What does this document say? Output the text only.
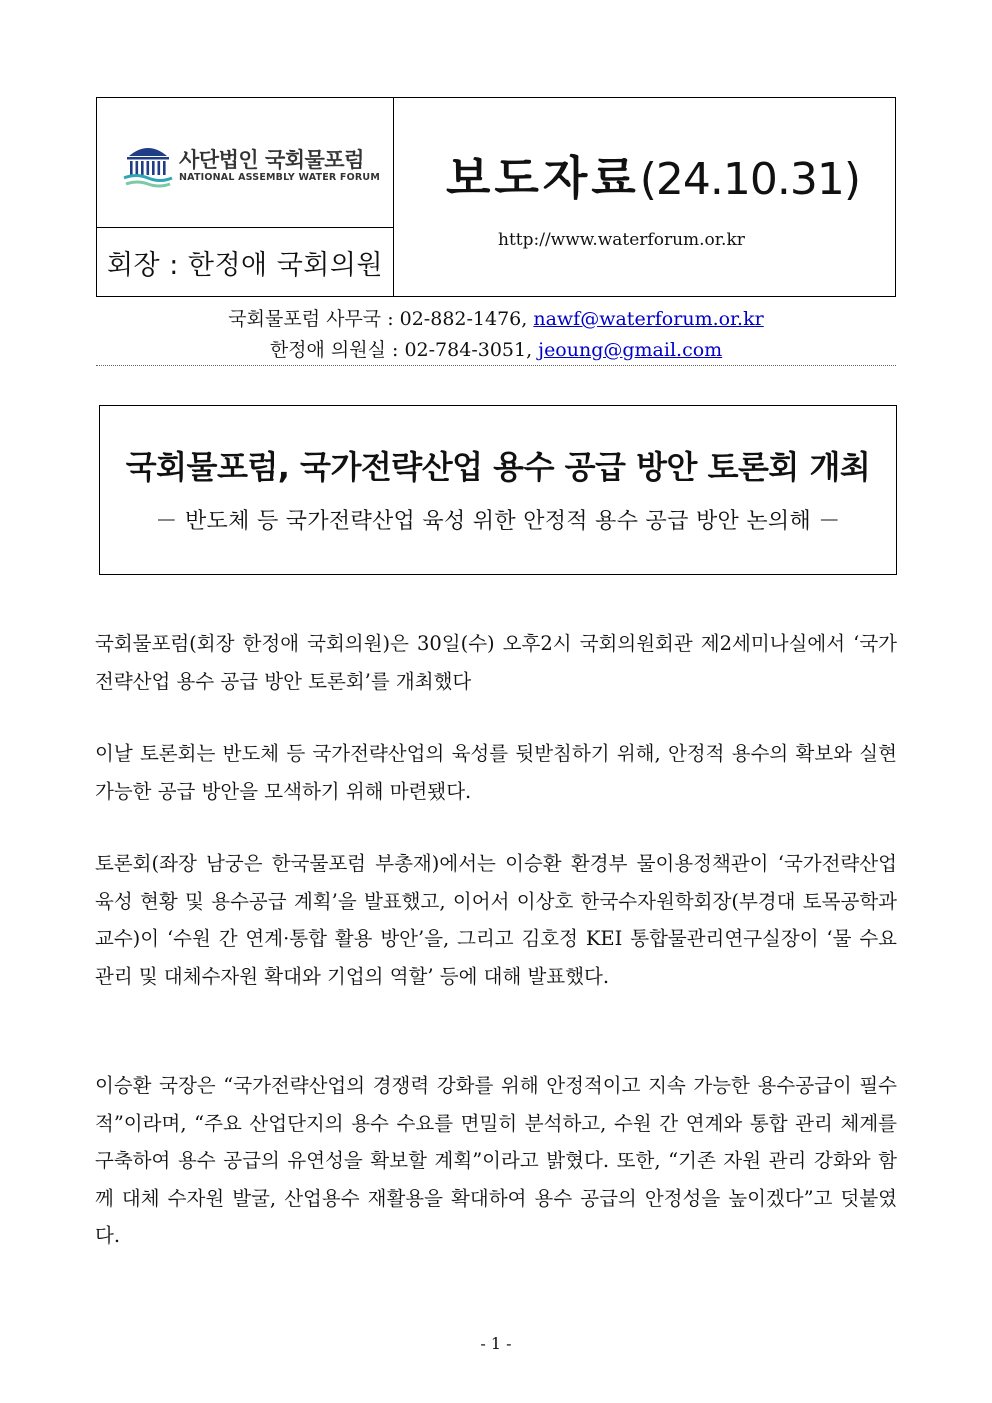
사단법인 국회물포럼
NATIONAL ASSEMBLY WATER FORUM
회장 : 한정애 국회의원
보도자료(24.10.31)
http://www.waterforum.or.kr
국회물포럼 사무국 : 02-882-1476, nawf@waterforum.or.kr
한정애 의원실 : 02-784-3051, jeoung@gmail.com
국회물포럼, 국가전략산업 용수 공급 방안 토론회 개최
－ 반도체 등 국가전략산업 육성 위한 안정적 용수 공급 방안 논의해 －
국회물포럼(회장 한정애 국회의원)은 30일(수) 오후2시 국회의원회관 제2세미나실에서 ‘국가전략산업 용수 공급 방안 토론회’를 개최했다
이날 토론회는 반도체 등 국가전략산업의 육성를 뒷받침하기 위해, 안정적 용수의 확보와 실현 가능한 공급 방안을 모색하기 위해 마련됐다.
토론회(좌장 남궁은 한국물포럼 부총재)에서는 이승환 환경부 물이용정책관이 ‘국가전략산업 육성 현황 및 용수공급 계획’을 발표했고, 이어서 이상호 한국수자원학회장(부경대 토목공학과 교수)이 ‘수원 간 연계·통합 활용 방안’을, 그리고 김호정 KEI 통합물관리연구실장이 ‘물 수요관리 및 대체수자원 확대와 기업의 역할’ 등에 대해 발표했다.
이승환 국장은 “국가전략산업의 경쟁력 강화를 위해 안정적이고 지속 가능한 용수공급이 필수적”이라며, “주요 산업단지의 용수 수요를 면밀히 분석하고, 수원 간 연계와 통합 관리 체계를 구축하여 용수 공급의 유연성을 확보할 계획”이라고 밝혔다. 또한, “기존 자원 관리 강화와 함께 대체 수자원 발굴, 산업용수 재활용을 확대하여 용수 공급의 안정성을 높이겠다”고 덧붙였다.
- 1 -
